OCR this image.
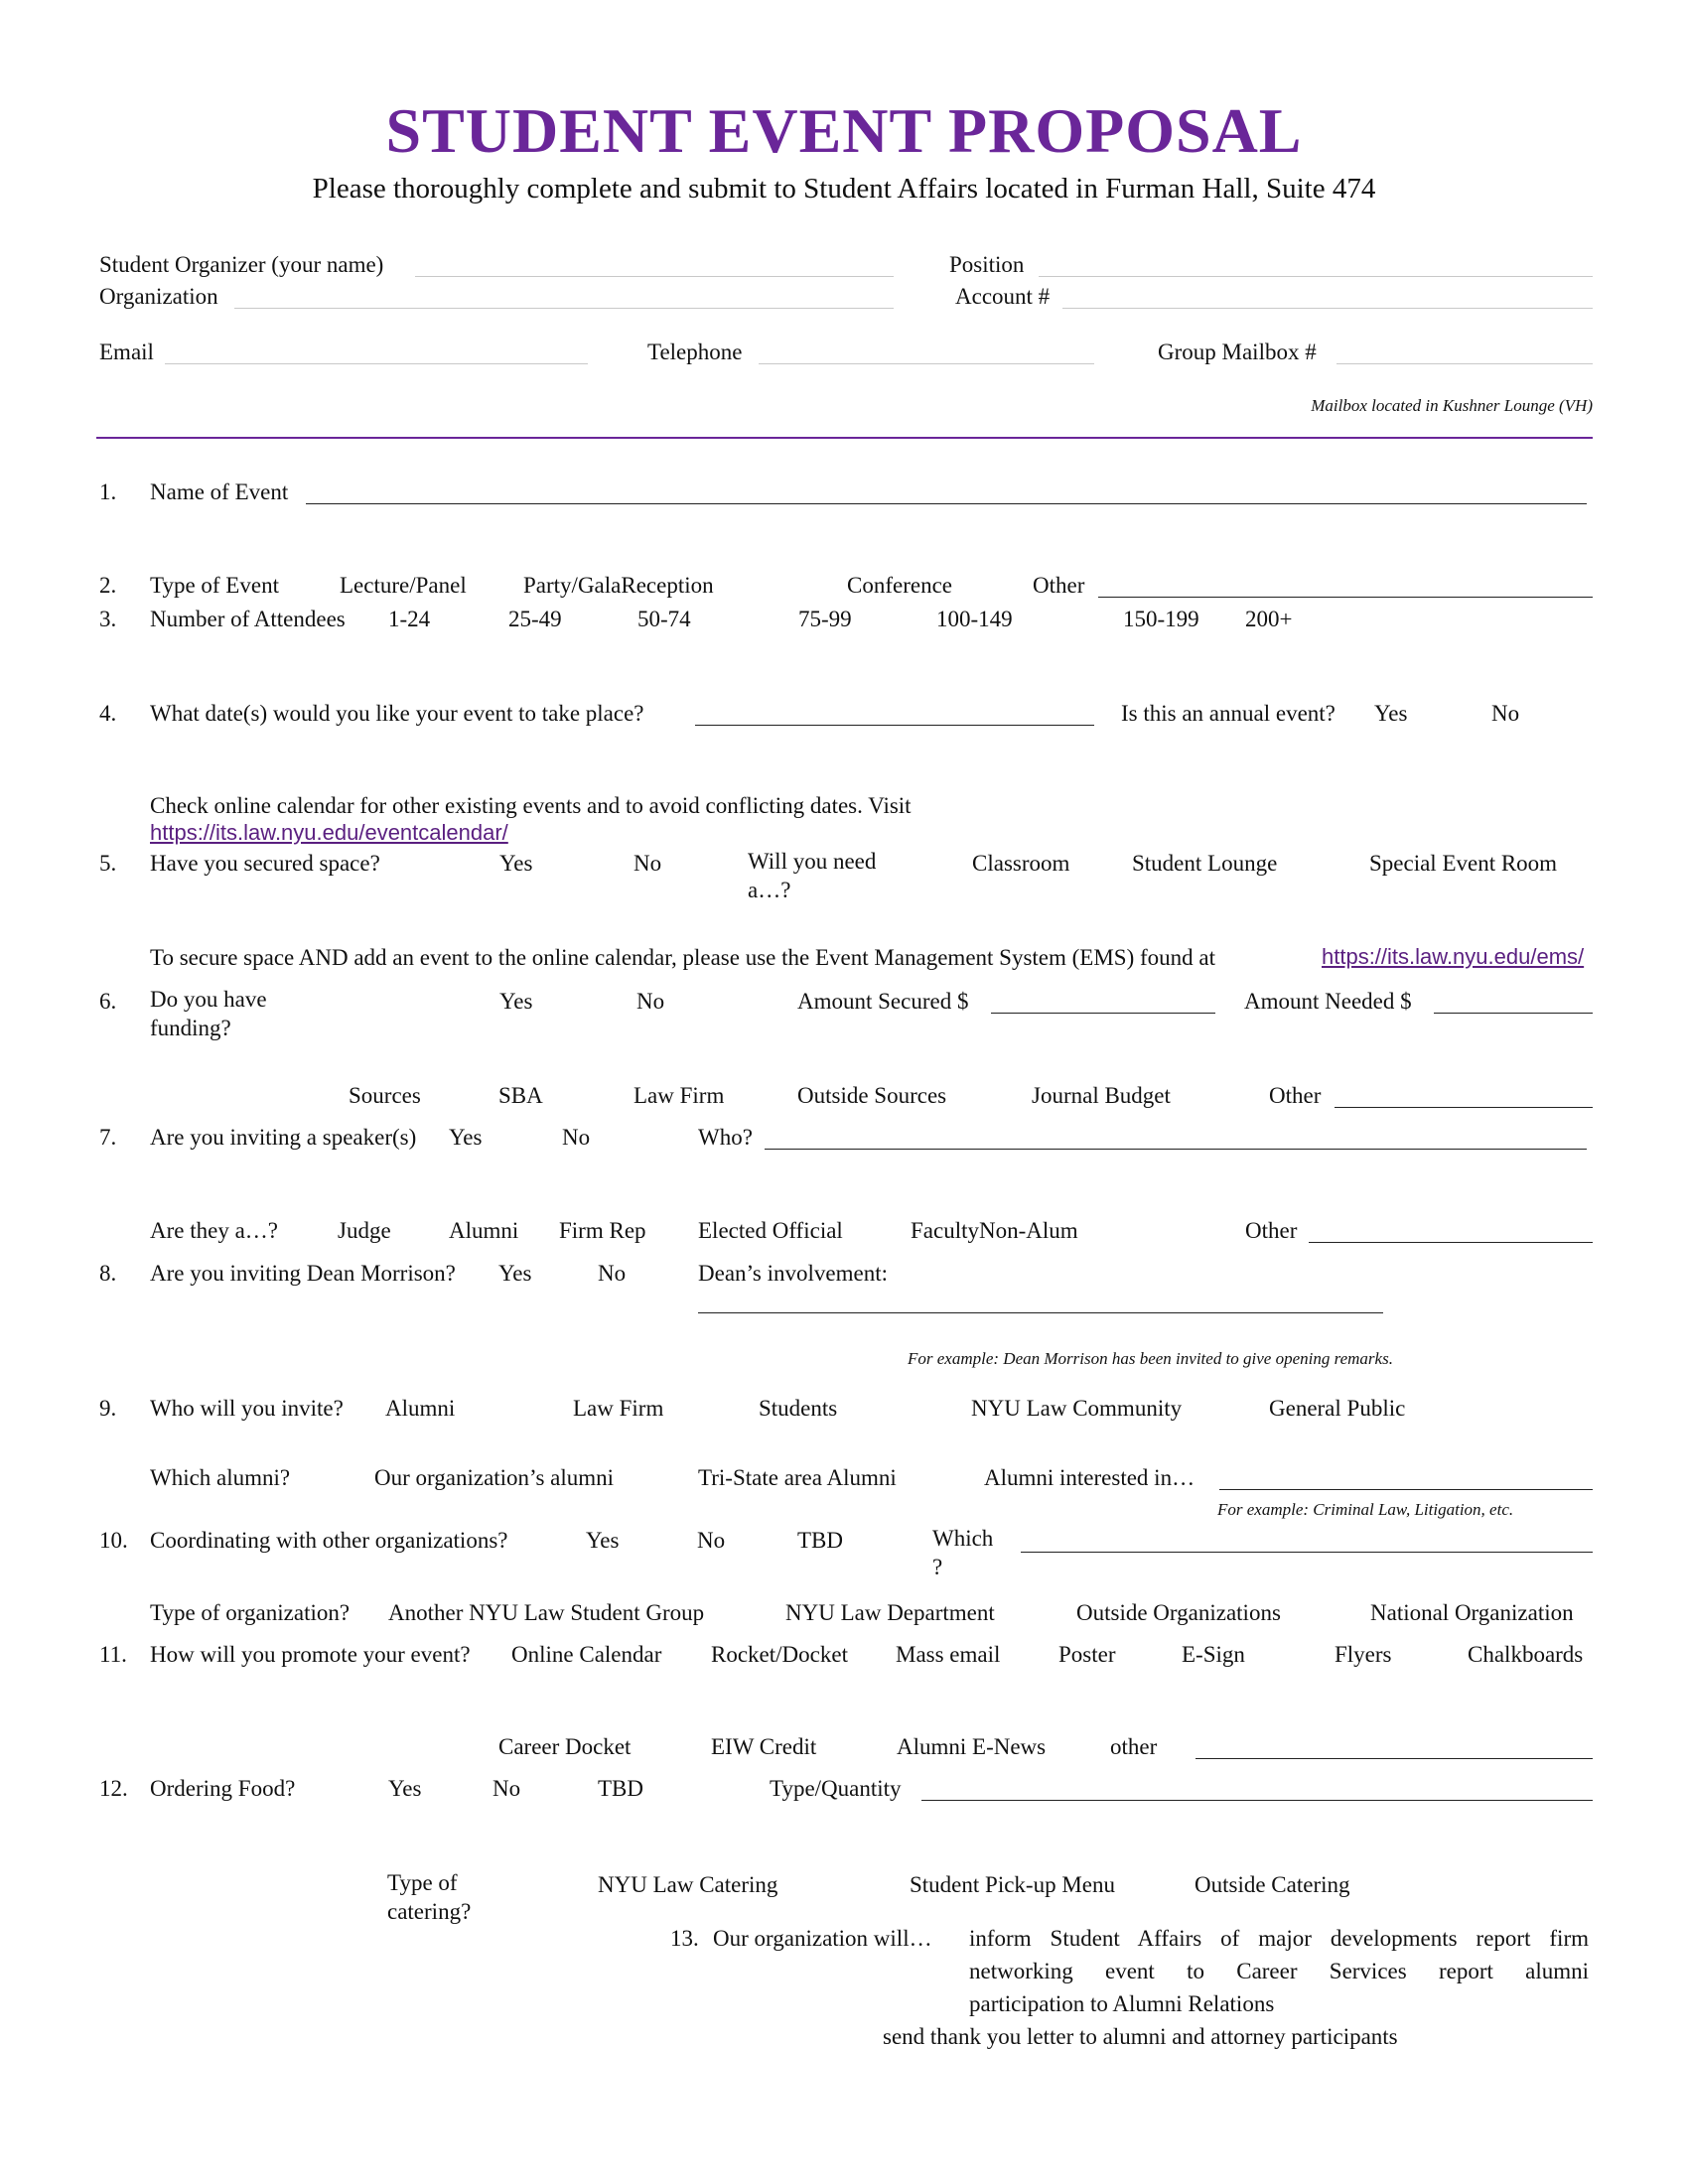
STUDENT EVENT PROPOSAL
Please thoroughly complete and submit to Student Affairs located in Furman Hall, Suite 474
Student Organizer (your name)	Position
Organization	Account #
Email	Telephone	Group Mailbox #
Mailbox located in Kushner Lounge (VH)
1. Name of Event
2. Type of Event	Lecture/Panel Party/GalaReception	Conference	Other
3. Number of Attendees 1-24	25-49	50-74	75-99	100-149	150-199 200+
4. What date(s) would you like your event to take place?	Is this an annual event? Yes	No
Check online calendar for other existing events and to avoid conflicting dates. Visit
https://its.law.nyu.edu/eventcalendar/
5. Have you secured space?	Yes	No	Will you need a…?
Classroom	Student Lounge	Special Event Room
To secure space AND add an event to the online calendar, please use the Event Management System (EMS) found at	https://its.law.nyu.edu/ems/
6. Do you have funding?
Yes	No	Amount Secured $	Amount Needed $
Sources	SBA	Law Firm	Outside Sources	Journal Budget	Other
7. Are you inviting a speaker(s) Yes	No	Who?
Are they a…?	Judge	Alumni Firm Rep Elected Official	FacultyNon-Alum	Other
8. Are you inviting Dean Morrison? Yes	No	Dean’s involvement:
For example: Dean Morrison has been invited to give opening remarks.
9. Who will you invite? Alumni	Law Firm	Students	NYU Law Community	General Public
Which alumni?	Our organization’s alumni	Tri-State area Alumni	Alumni interested in…
For example: Criminal Law, Litigation, etc.
10. Coordinating with other organizations?	Yes	No	TBD	Which ?
Type of organization? Another NYU Law Student Group	NYU Law Department	Outside Organizations	National Organization
11. How will you promote your event? Online Calendar Rocket/Docket Mass email	Poster	E-Sign	Flyers	Chalkboards
Career Docket	EIW Credit	Alumni E-News	other
12. Ordering Food?	Yes	No	TBD	Type/Quantity
Type of catering?
NYU Law Catering	Student Pick-up Menu	Outside Catering
13. Our organization will… inform Student Affairs of major developments report firm
networking event to Career Services report alumni
participation to Alumni Relations
send thank you letter to alumni and attorney participants
